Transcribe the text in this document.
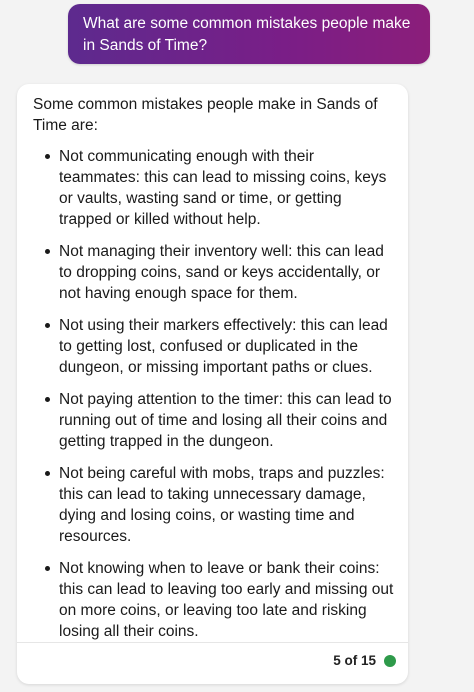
What are some common mistakes people make in Sands of Time?
Some common mistakes people make in Sands of Time are:
Not communicating enough with their teammates: this can lead to missing coins, keys or vaults, wasting sand or time, or getting trapped or killed without help.
Not managing their inventory well: this can lead to dropping coins, sand or keys accidentally, or not having enough space for them.
Not using their markers effectively: this can lead to getting lost, confused or duplicated in the dungeon, or missing important paths or clues.
Not paying attention to the timer: this can lead to running out of time and losing all their coins and getting trapped in the dungeon.
Not being careful with mobs, traps and puzzles: this can lead to taking unnecessary damage, dying and losing coins, or wasting time and resources.
Not knowing when to leave or bank their coins: this can lead to leaving too early and missing out on more coins, or leaving too late and risking losing all their coins.
5 of 15
